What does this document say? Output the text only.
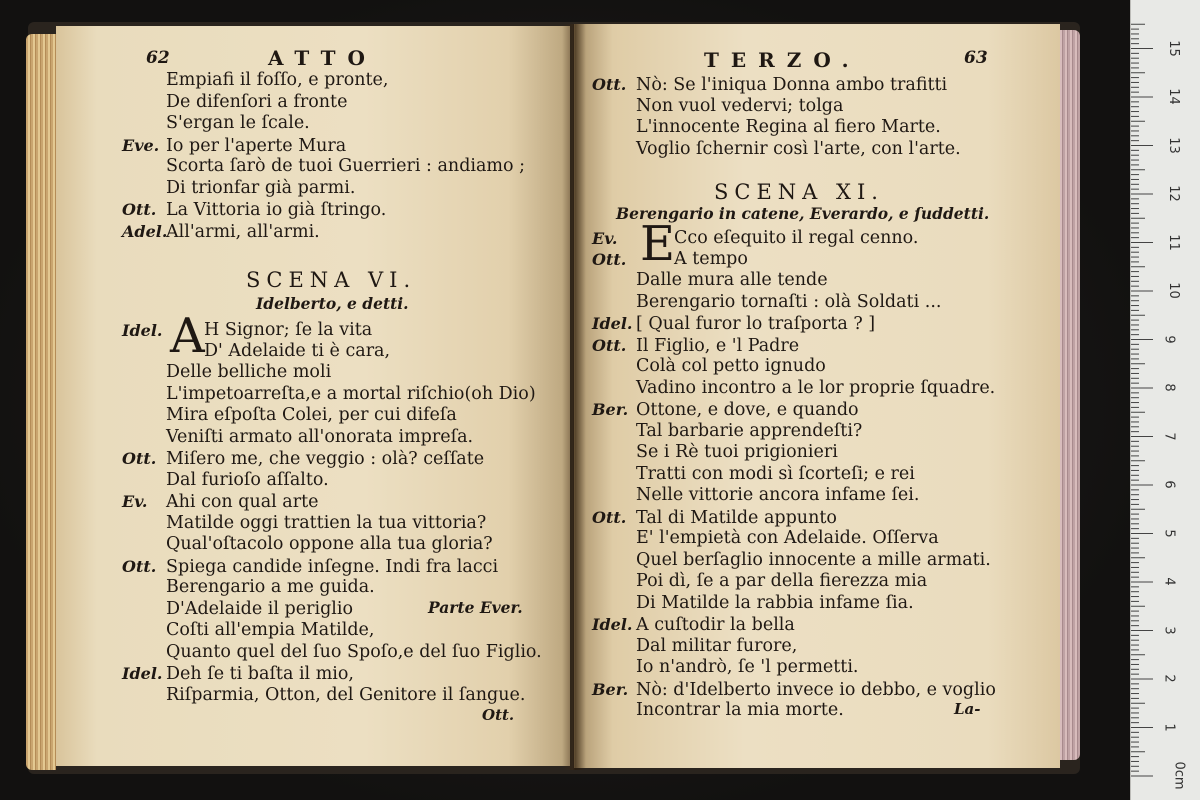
62	ATTO
Empiafi il foſſo, e pronte,
De difenſori a fronte
S'ergan le ſcale.
Eve. Io per l'aperte Mura
Scorta ſarò de tuoi Guerrieri : andiamo ;
Di trionfar già parmi.
Ott. La Vittoria io già ſtringo.
Adel.All'armi, all'armi.
SCENA VI.
Idelberto, e detti.
Idel. A H Signor; ſe la vita
D' Adelaide ti è cara,
Delle belliche moli
L'impetoarreſta,e a mortal riſchio(oh Dio)
Mira eſpoſta Colei, per cui difeſa
Veniſti armato all'onorata impreſa.
Ott. Miſero me, che veggio : olà? ceſſate
Dal furioſo aſſalto.
Ev. Ahi con qual arte
Matilde oggi trattien la tua vittoria?
Qual'oſtacolo oppone alla tua gloria?
Ott. Spiega candide inſegne. Indi fra lacci
Berengario a me guida.
D'Adelaide il periglio
Coſti all'empia Matilde,
Quanto quel del ſuo Spoſo,e del ſuo Figlio.
Idel. Deh ſe ti baſta il mio,
Riſparmia, Otton, del Genitore il ſangue.
Parte Ever.
Ott.
TERZO.	63
Ott. Nò: Se l'iniqua Donna ambo trafitti
Non vuol vedervi; tolga
L'innocente Regina al fiero Marte.
Voglio ſchernir così l'arte, con l'arte.
SCENA XI.
Berengario in catene, Everardo, e ſuddetti.
Ev. E
Cco eſequito il regal cenno.
Ott.	A tempo
Dalle mura alle tende
Berengario tornaſti : olà Soldati ...
Idel. [ Qual furor lo traſporta ? ]
Ott. Il Figlio, e 'l Padre
Colà col petto ignudo
Vadino incontro a le lor proprie ſquadre.
Ber. Ottone, e dove, e quando
Tal barbarie apprendeſti?
Se i Rè tuoi prigionieri
Tratti con modi sì ſcorteſi; e rei
Nelle vittorie ancora infame ſei.
Ott. Tal di Matilde appunto
E' l'empietà con Adelaide. Oſſerva
Quel berſaglio innocente a mille armati.
Poi dì, ſe a par della fierezza mia
Di Matilde la rabbia infame ſia.
Idel. A cuſtodir la bella
Dal militar furore,
Io n'andrò, ſe 'l permetti.
Ber. Nò: d'Idelberto invece io debbo, e voglio
Incontrar la mia morte.	La-
0cm
1
2
3
4
5
6
7
8
9
10
11
12
13
14
15
